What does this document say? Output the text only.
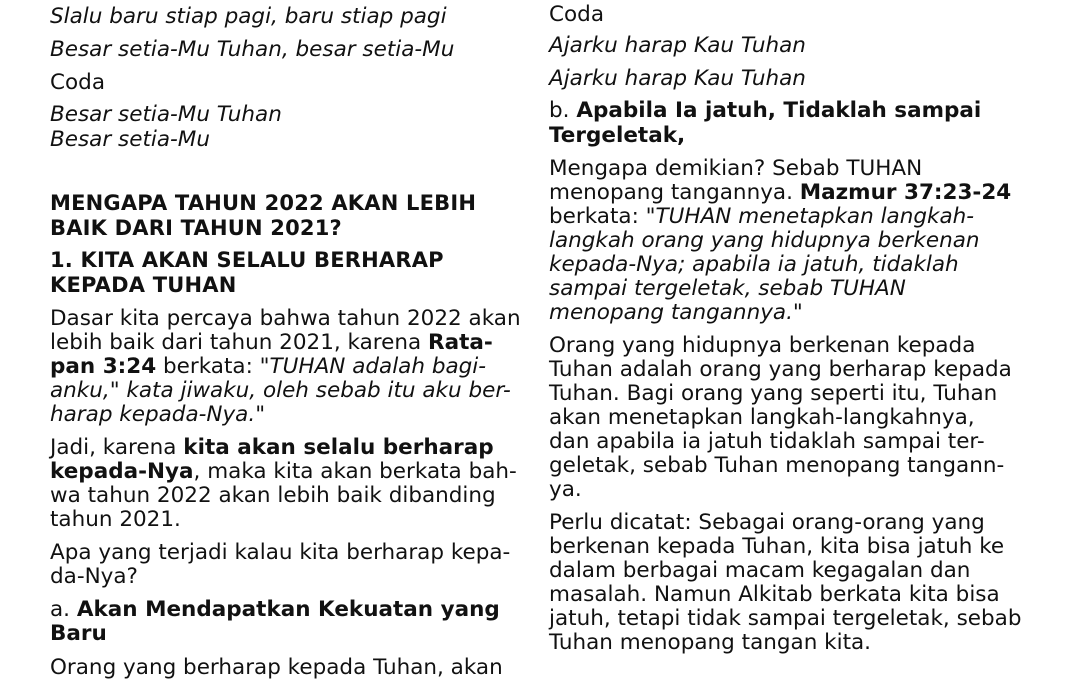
Slalu baru stiap pagi, baru stiap pagi
Besar setia-Mu Tuhan, besar setia-Mu

Coda

Besar setia-Mu Tuhan
Besar setia-Mu

MENGAPA TAHUN 2022 AKAN LEBIH
BAIK DARI TAHUN 2021?

1. KITA AKAN SELALU BERHARAP
KEPADA TUHAN

Dasar kita percaya bahwa tahun 2022 akan
lebih baik dari tahun 2021, karena Rata-
pan 3:24 berkata: "TUHAN adalah bagi-
anku," kata jiwaku, oleh sebab itu aku ber-
harap kepada-Nya."

Jadi, karena kita akan selalu berharap
kepada-Nya, maka kita akan berkata bah-
wa tahun 2022 akan lebih baik dibanding
tahun 2021.

Apa yang terjadi kalau kita berharap kepa-
da-Nya?

a. Akan Mendapatkan Kekuatan yang
Baru

Orang yang berharap kepada Tuhan, akan

Coda

Ajarku harap Kau Tuhan
Ajarku harap Kau Tuhan

b. Apabila Ia jatuh, Tidaklah sampai
Tergeletak,

Mengapa demikian? Sebab TUHAN
menopang tangannya. Mazmur 37:23-24
berkata: "TUHAN menetapkan langkah-
langkah orang yang hidupnya berkenan
kepada-Nya; apabila ia jatuh, tidaklah
sampai tergeletak, sebab TUHAN
menopang tangannya."

Orang yang hidupnya berkenan kepada
Tuhan adalah orang yang berharap kepada
Tuhan. Bagi orang yang seperti itu, Tuhan
akan menetapkan langkah-langkahnya,
dan apabila ia jatuh tidaklah sampai ter-
geletak, sebab Tuhan menopang tangann-
ya.

Perlu dicatat: Sebagai orang-orang yang
berkenan kepada Tuhan, kita bisa jatuh ke
dalam berbagai macam kegagalan dan
masalah. Namun Alkitab berkata kita bisa
jatuh, tetapi tidak sampai tergeletak, sebab
Tuhan menopang tangan kita.
